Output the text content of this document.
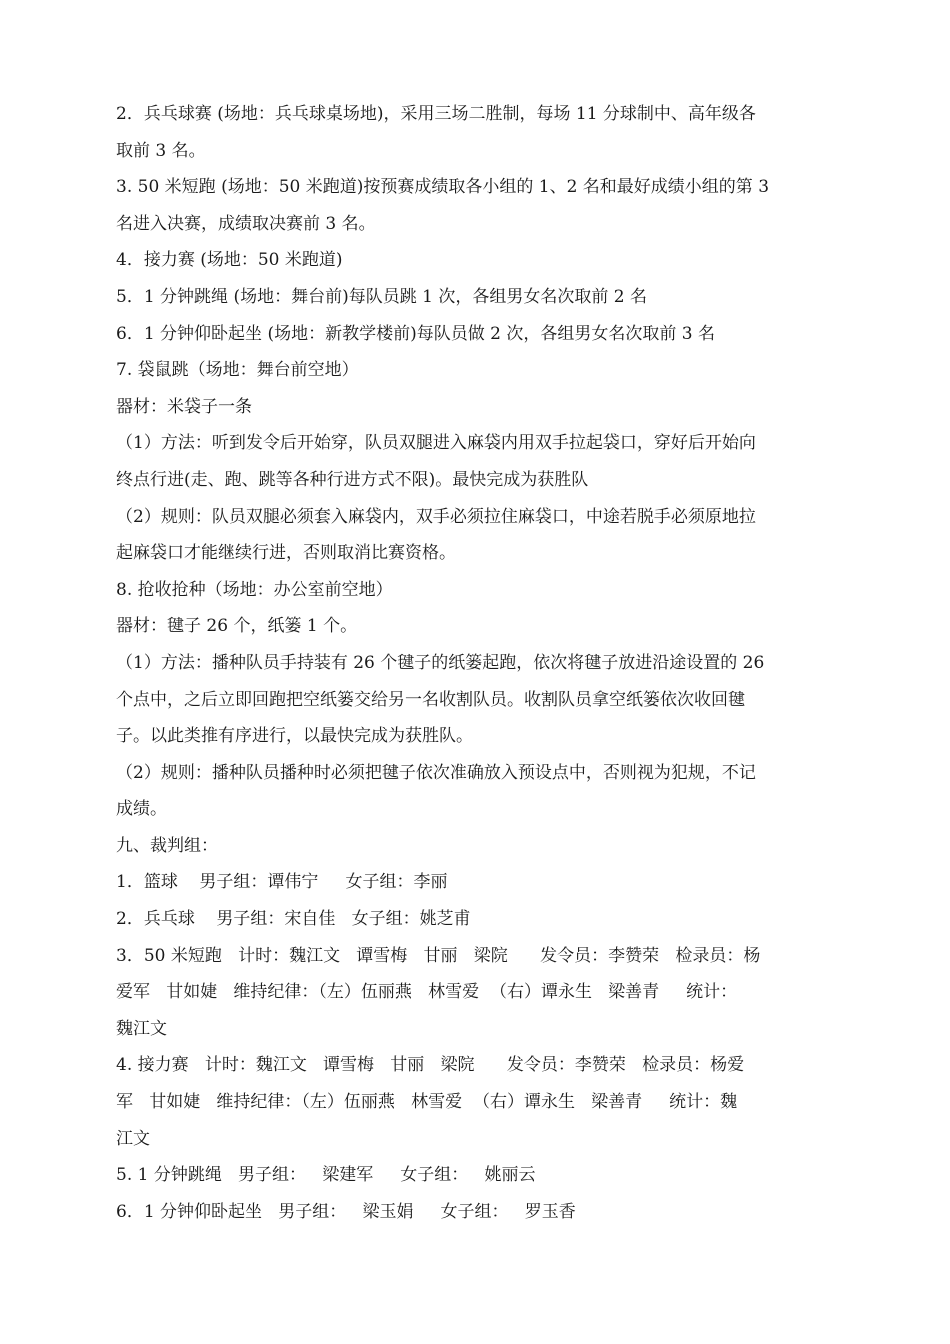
2．兵乓球赛 (场地：兵乓球桌场地)，采用三场二胜制，每场 11 分球制中、高年级各
取前 3 名。
3. 50 米短跑 (场地：50 米跑道)按预赛成绩取各小组的 1、2 名和最好成绩小组的第 3
名进入决赛，成绩取决赛前 3 名。
4．接力赛 (场地：50 米跑道)
5．1 分钟跳绳 (场地：舞台前)每队员跳 1 次，各组男女名次取前 2 名
6．1 分钟仰卧起坐 (场地：新教学楼前)每队员做 2 次，各组男女名次取前 3 名
7. 袋鼠跳（场地：舞台前空地）
器材：米袋子一条
（1）方法：听到发令后开始穿，队员双腿进入麻袋内用双手拉起袋口，穿好后开始向
终点行进(走、跑、跳等各种行进方式不限)。最快完成为获胜队
（2）规则：队员双腿必须套入麻袋内，双手必须拉住麻袋口，中途若脱手必须原地拉
起麻袋口才能继续行进，否则取消比赛资格。
8. 抢收抢种（场地：办公室前空地）
器材：毽子 26 个，纸篓 1 个。
（1）方法：播种队员手持装有 26 个毽子的纸篓起跑，依次将毽子放进沿途设置的 26
个点中，之后立即回跑把空纸篓交给另一名收割队员。收割队员拿空纸篓依次收回毽
子。以此类推有序进行，以最快完成为获胜队。
（2）规则：播种队员播种时必须把毽子依次准确放入预设点中，否则视为犯规，不记
成绩。
九、裁判组：
1．篮球    男子组：谭伟宁     女子组：李丽
2．兵乓球    男子组：宋自佳   女子组：姚芝甫
3．50 米短跑   计时：魏江文   谭雪梅   甘丽   梁院      发令员：李赞荣   检录员：杨
爱军   甘如婕   维持纪律：（左）伍丽燕   林雪爱  （右）谭永生   梁善青     统计：
魏江文
4. 接力赛   计时：魏江文   谭雪梅   甘丽   梁院      发令员：李赞荣   检录员：杨爱
军   甘如婕   维持纪律：（左）伍丽燕   林雪爱  （右）谭永生   梁善青     统计：魏
江文
5. 1 分钟跳绳   男子组：   梁建军     女子组：   姚丽云
6．1 分钟仰卧起坐   男子组：   梁玉娟     女子组：   罗玉香
